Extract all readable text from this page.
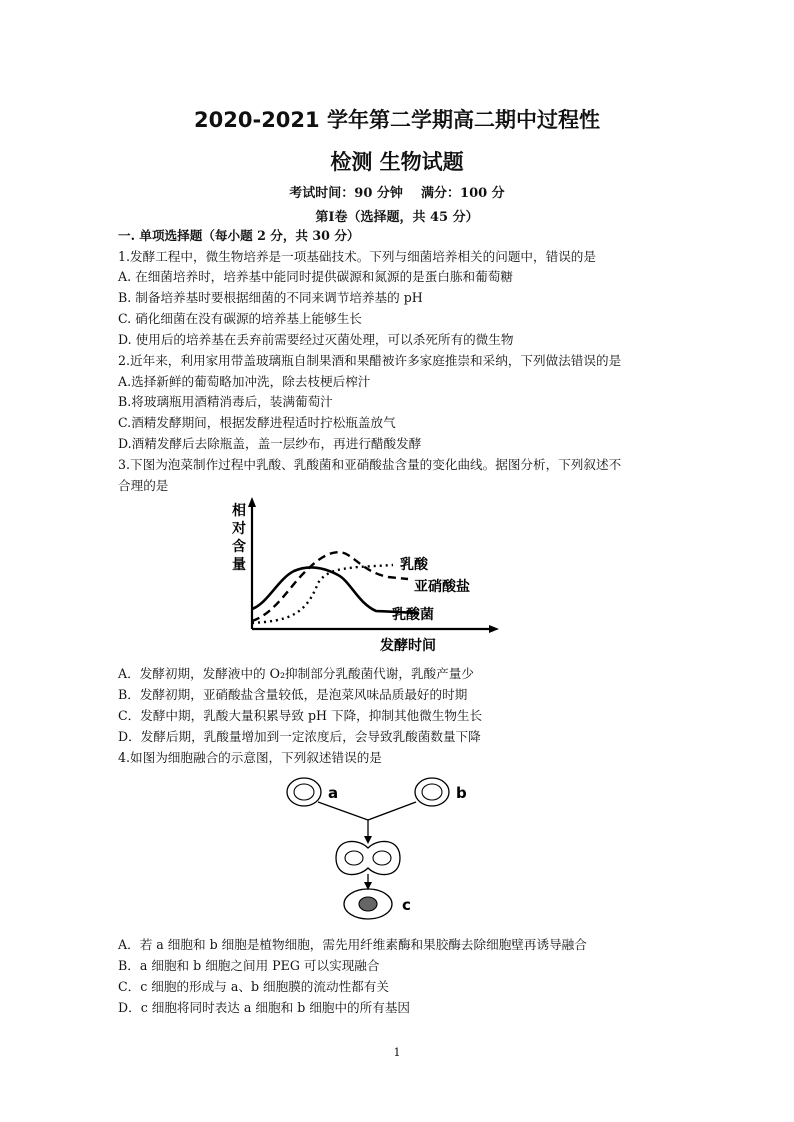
2020-2021 学年第二学期高二期中过程性
检测 生物试题
考试时间：90 分钟    满分：100 分
第Ⅰ卷（选择题，共 45 分）
一. 单项选择题（每小题 2 分，共 30 分）
1.发酵工程中，微生物培养是一项基础技术。下列与细菌培养相关的问题中，错误的是
A. 在细菌培养时，培养基中能同时提供碳源和氮源的是蛋白胨和葡萄糖
B. 制备培养基时要根据细菌的不同来调节培养基的 pH
C. 硝化细菌在没有碳源的培养基上能够生长
D. 使用后的培养基在丢弃前需要经过灭菌处理，可以杀死所有的微生物
2.近年来，利用家用带盖玻璃瓶自制果酒和果醋被许多家庭推崇和采纳，下列做法错误的是
A.选择新鲜的葡萄略加冲洗，除去枝梗后榨汁
B.将玻璃瓶用酒精消毒后，装满葡萄汁
C.酒精发酵期间，根据发酵进程适时拧松瓶盖放气
D.酒精发酵后去除瓶盖，盖一层纱布，再进行醋酸发酵
3.下图为泡菜制作过程中乳酸、乳酸菌和亚硝酸盐含量的变化曲线。据图分析，下列叙述不
合理的是
相
对
含
量	乳酸
亚硝酸盐
乳酸菌
发酵时间
A．发酵初期，发酵液中的 O₂抑制部分乳酸菌代谢，乳酸产量少
B．发酵初期，亚硝酸盐含量较低，是泡菜风味品质最好的时期
C．发酵中期，乳酸大量积累导致 pH 下降，抑制其他微生物生长
D．发酵后期，乳酸量增加到一定浓度后，会导致乳酸菌数量下降
4.如图为细胞融合的示意图，下列叙述错误的是
a	b
c
A．若 a 细胞和 b 细胞是植物细胞，需先用纤维素酶和果胶酶去除细胞壁再诱导融合
B．a 细胞和 b 细胞之间用 PEG 可以实现融合
C．c 细胞的形成与 a、b 细胞膜的流动性都有关
D．c 细胞将同时表达 a 细胞和 b 细胞中的所有基因
1
